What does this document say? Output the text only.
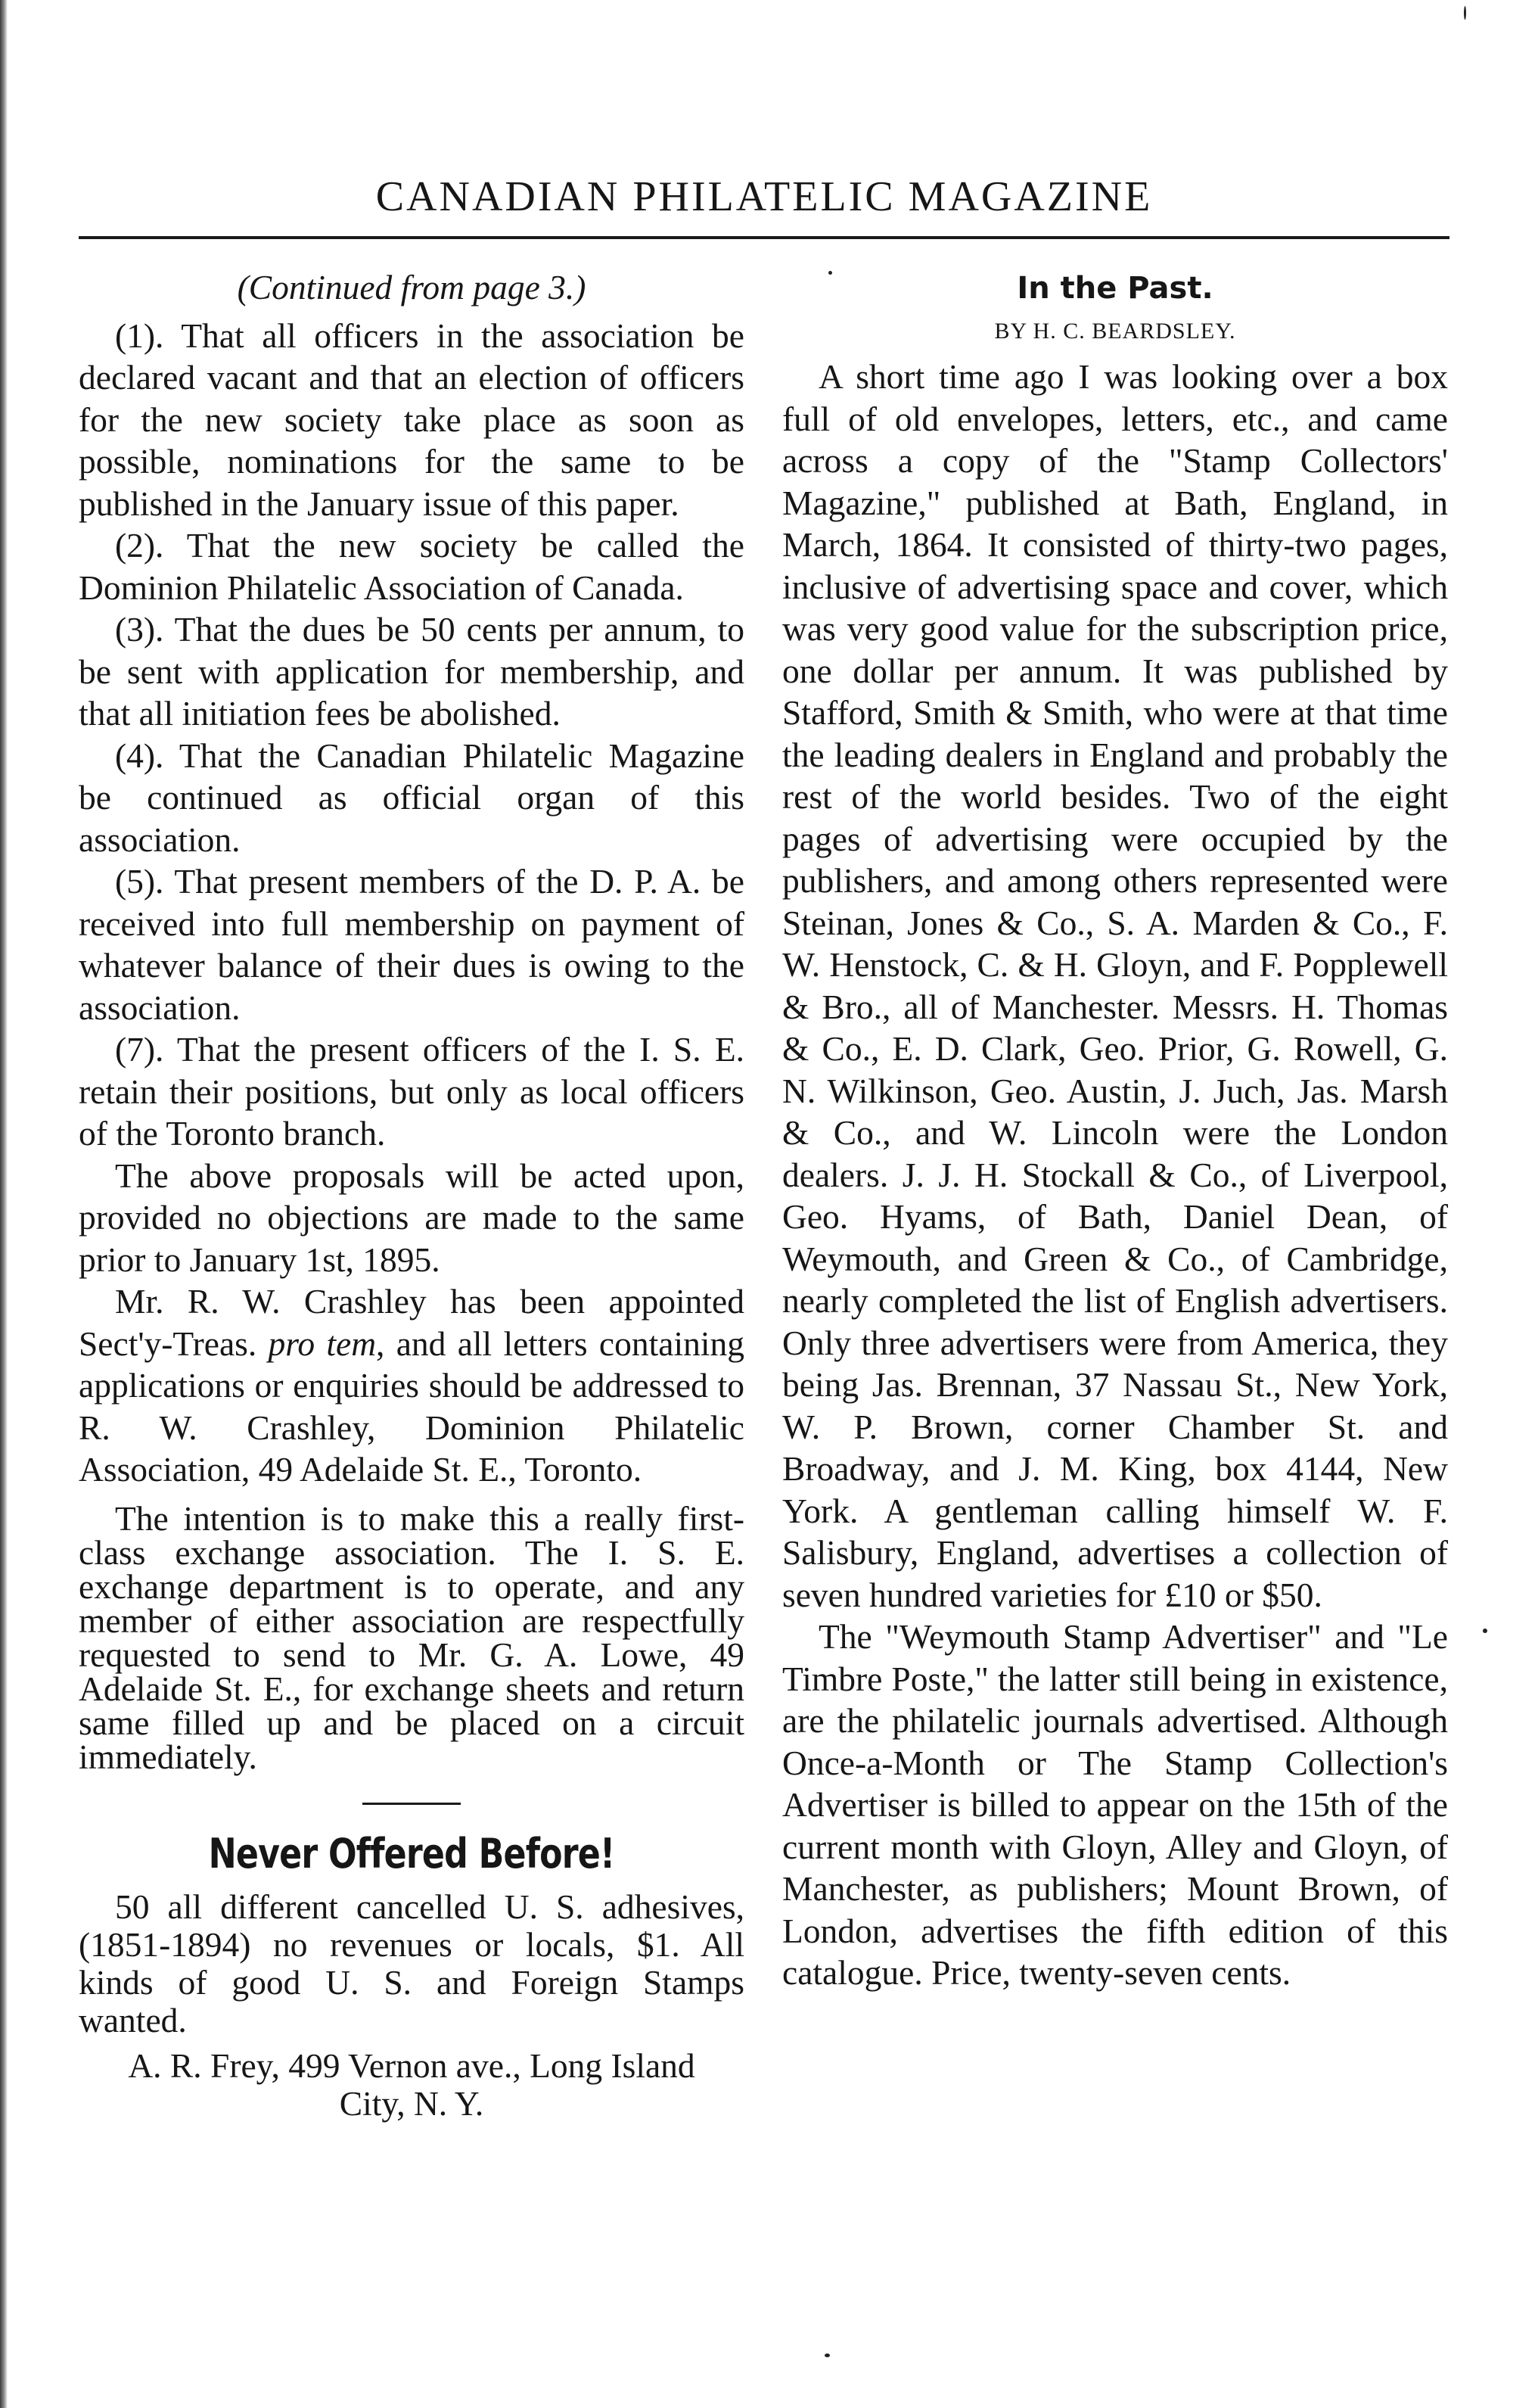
CANADIAN PHILATELIC MAGAZINE
(Continued from page 3.)

(1). That all officers in the association be declared vacant and that an election of officers for the new society take place as soon as possible, nominations for the same to be published in the January issue of this paper.

(2). That the new society be called the Dominion Philatelic Association of Canada.

(3). That the dues be 50 cents per annum, to be sent with application for membership, and that all initiation fees be abolished.

(4). That the Canadian Philatelic Magazine be continued as official organ of this association.

(5). That present members of the D. P. A. be received into full membership on payment of whatever balance of their dues is owing to the association.

(7). That the present officers of the I. S. E. retain their positions, but only as local officers of the Toronto branch.

The above proposals will be acted upon, provided no objections are made to the same prior to January 1st, 1895.

Mr. R. W. Crashley has been appointed Sect'y-Treas. pro tem, and all letters containing applications or enquiries should be addressed to R. W. Crashley, Dominion Philatelic Association, 49 Adelaide St. E., Toronto.

The intention is to make this a really first-class exchange association. The I. S. E. exchange department is to operate, and any member of either association are respectfully requested to send to Mr. G. A. Lowe, 49 Adelaide St. E., for exchange sheets and return same filled up and be placed on a circuit immediately.

Never Offered Before!

50 all different cancelled U. S. adhesives, (1851-1894) no revenues or locals, $1. All kinds of good U. S. and Foreign Stamps wanted.

A. R. Frey, 499 Vernon ave., Long Island
City, N. Y.
In the Past.
BY H. C. BEARDSLEY.

A short time ago I was looking over a box full of old envelopes, letters, etc., and came across a copy of the "Stamp Collectors' Magazine," published at Bath, England, in March, 1864. It consisted of thirty-two pages, inclusive of advertising space and cover, which was very good value for the subscription price, one dollar per annum. It was published by Stafford, Smith & Smith, who were at that time the leading dealers in England and probably the rest of the world besides. Two of the eight pages of advertising were occupied by the publishers, and among others represented were Steinan, Jones & Co., S. A. Marden & Co., F. W. Henstock, C. & H. Gloyn, and F. Popplewell & Bro., all of Manchester. Messrs. H. Thomas & Co., E. D. Clark, Geo. Prior, G. Rowell, G. N. Wilkinson, Geo. Austin, J. Juch, Jas. Marsh & Co., and W. Lincoln were the London dealers. J. J. H. Stockall & Co., of Liverpool, Geo. Hyams, of Bath, Daniel Dean, of Weymouth, and Green & Co., of Cambridge, nearly completed the list of English advertisers. Only three advertisers were from America, they being Jas. Brennan, 37 Nassau St., New York, W. P. Brown, corner Chamber St. and Broadway, and J. M. King, box 4144, New York. A gentleman calling himself W. F. Salisbury, England, advertises a collection of seven hundred varieties for £10 or $50.

The "Weymouth Stamp Advertiser" and "Le Timbre Poste," the latter still being in existence, are the philatelic journals advertised. Although Once-a-Month or The Stamp Collection's Advertiser is billed to appear on the 15th of the current month with Gloyn, Alley and Gloyn, of Manchester, as publishers; Mount Brown, of London, advertises the fifth edition of this catalogue. Price, twenty-seven cents.
